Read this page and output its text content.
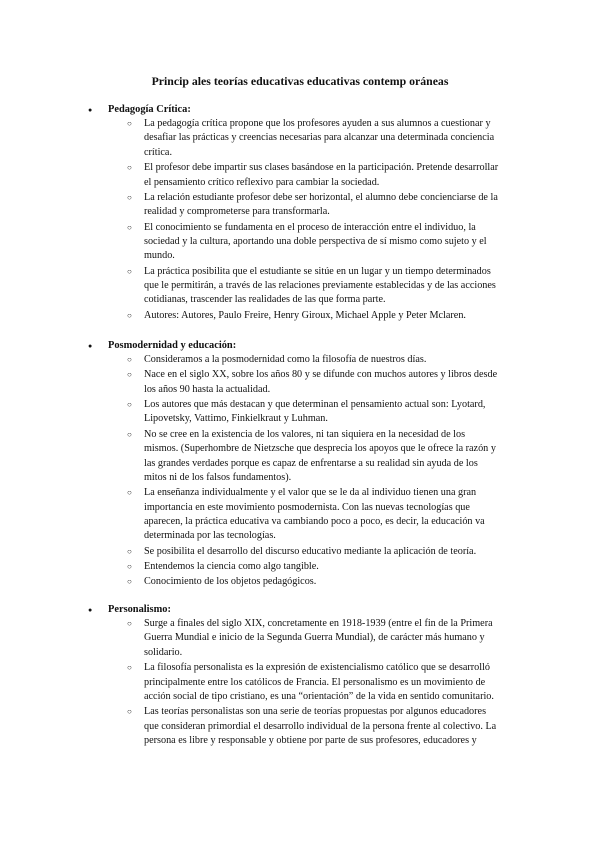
Princip ales teorías educativas educativas contemp oráneas
● Pedagogía Crítica:
○ La pedagogía crítica propone que los profesores ayuden a sus alumnos a cuestionar y desafiar las prácticas y creencias necesarias para alcanzar una determinada conciencia crítica.
○ El profesor debe impartir sus clases basándose en la participación. Pretende desarrollar el pensamiento crítico reflexivo para cambiar la sociedad.
○ La relación estudiante profesor debe ser horizontal, el alumno debe concienciarse de la realidad y comprometerse para transformarla.
○ El conocimiento se fundamenta en el proceso de interacción entre el individuo, la sociedad y la cultura, aportando una doble perspectiva de sí mismo como sujeto y el mundo.
○ La práctica posibilita que el estudiante se sitúe en un lugar y un tiempo determinados que le permitirán, a través de las relaciones previamente establecidas y de las acciones cotidianas, trascender las realidades de las que forma parte.
○ Autores: Autores, Paulo Freire, Henry Giroux, Michael Apple y Peter Mclaren.
● Posmodernidad y educación:
○ Consideramos a la posmodernidad como la filosofía de nuestros días.
○ Nace en el siglo XX, sobre los años 80 y se difunde con muchos autores y libros desde los años 90 hasta la actualidad.
○ Los autores que más destacan y que determinan el pensamiento actual son: Lyotard, Lipovetsky, Vattimo, Finkielkraut y Luhman.
○ No se cree en la existencia de los valores, ni tan siquiera en la necesidad de los mismos. (Superhombre de Nietzsche que desprecia los apoyos que le ofrece la razón y las grandes verdades porque es capaz de enfrentarse a su realidad sin ayuda de los mitos ni de los falsos fundamentos).
○ La enseñanza individualmente y el valor que se le da al individuo tienen una gran importancia en este movimiento posmodernista. Con las nuevas tecnologías que aparecen, la práctica educativa va cambiando poco a poco, es decir, la educación va determinada por las tecnologías.
○ Se posibilita el desarrollo del discurso educativo mediante la aplicación de teoría.
○ Entendemos la ciencia como algo tangible.
○ Conocimiento de los objetos pedagógicos.
● Personalismo:
○ Surge a finales del siglo XIX, concretamente en 1918-1939 (entre el fin de la Primera Guerra Mundial e inicio de la Segunda Guerra Mundial), de carácter más humano y solidario.
○ La filosofía personalista es la expresión de existencialismo católico que se desarrolló principalmente entre los católicos de Francia. El personalismo es un movimiento de acción social de tipo cristiano, es una “orientación” de la vida en sentido comunitario.
○ Las teorías personalistas son una serie de teorías propuestas por algunos educadores que consideran primordial el desarrollo individual de la persona frente al colectivo. La persona es libre y responsable y obtiene por parte de sus profesores, educadores y
